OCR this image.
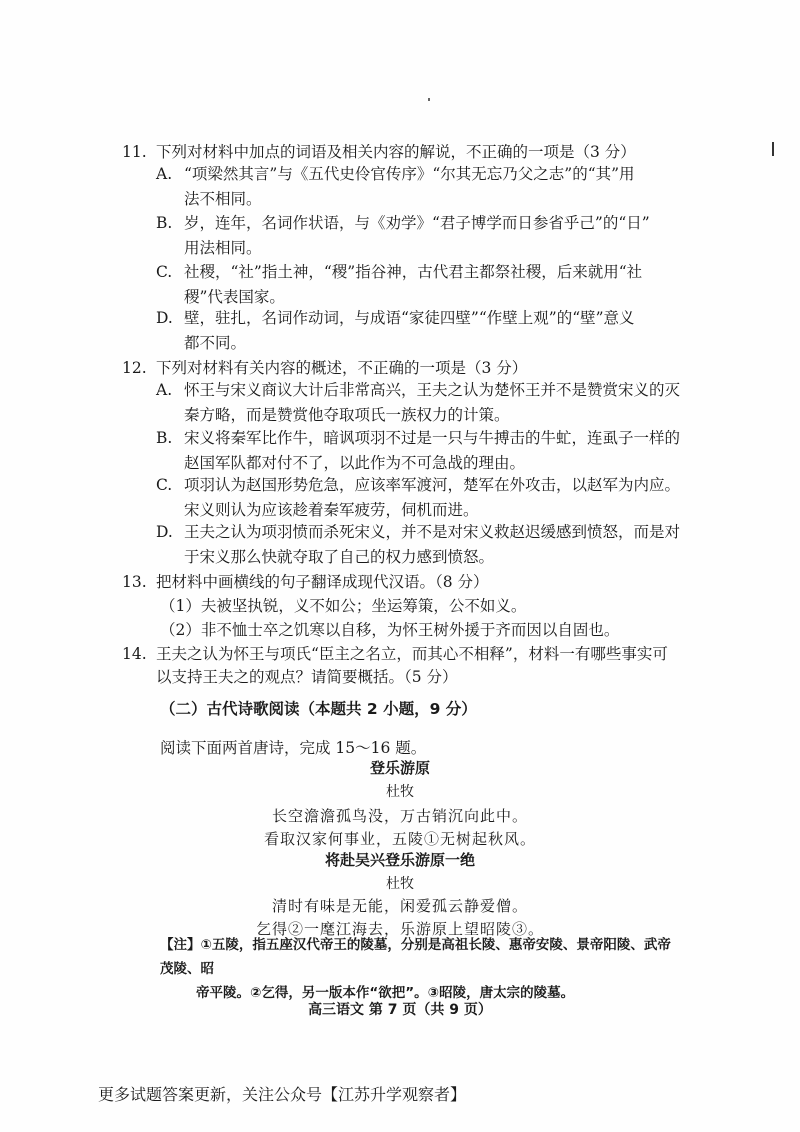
11. 下列对材料中加点的词语及相关内容的解说，不正确的一项是（3 分）
A. “项梁然其言”与《五代史伶官传序》“尔其无忘乃父之志”的“其”用
法不相同。
B. 岁，连年，名词作状语，与《劝学》“君子博学而日参省乎己”的“日”
用法相同。
C. 社稷，“社”指土神，“稷”指谷神，古代君主都祭社稷，后来就用“社
稷”代表国家。
D. 壁，驻扎，名词作动词，与成语“家徒四壁”“作壁上观”的“壁”意义
都不同。
12. 下列对材料有关内容的概述，不正确的一项是（3 分）
A. 怀王与宋义商议大计后非常高兴，王夫之认为楚怀王并不是赞赏宋义的灭
秦方略，而是赞赏他夺取项氏一族权力的计策。
B. 宋义将秦军比作牛，暗讽项羽不过是一只与牛搏击的牛虻，连虱子一样的
赵国军队都对付不了，以此作为不可急战的理由。
C. 项羽认为赵国形势危急，应该率军渡河，楚军在外攻击，以赵军为内应。
宋义则认为应该趁着秦军疲劳，伺机而进。
D. 王夫之认为项羽愤而杀死宋义，并不是对宋义救赵迟缓感到愤怒，而是对
于宋义那么快就夺取了自己的权力感到愤怒。
13. 把材料中画横线的句子翻译成现代汉语。（8 分）
（1）夫被坚执锐，义不如公；坐运筹策，公不如义。
（2）非不恤士卒之饥寒以自移，为怀王树外援于齐而因以自固也。
14. 王夫之认为怀王与项氏“臣主之名立，而其心不相释”，材料一有哪些事实可
以支持王夫之的观点？请简要概括。（5 分）
（二）古代诗歌阅读（本题共 2 小题，9 分）
阅读下面两首唐诗，完成 15～16 题。
登乐游原
杜牧
长空澹澹孤鸟没，万古销沉向此中。
看取汉家何事业，五陵①无树起秋风。
将赴吴兴登乐游原一绝
杜牧
清时有味是无能，闲爱孤云静爱僧。
乞得②一麾江海去，乐游原上望昭陵③。
【注】①五陵，指五座汉代帝王的陵墓，分别是高祖长陵、惠帝安陵、景帝阳陵、武帝茂陵、昭
帝平陵。②乞得，另一版本作“欲把”。③昭陵，唐太宗的陵墓。
高三语文 第 7 页（共 9 页）
更多试题答案更新，关注公众号【江苏升学观察者】
